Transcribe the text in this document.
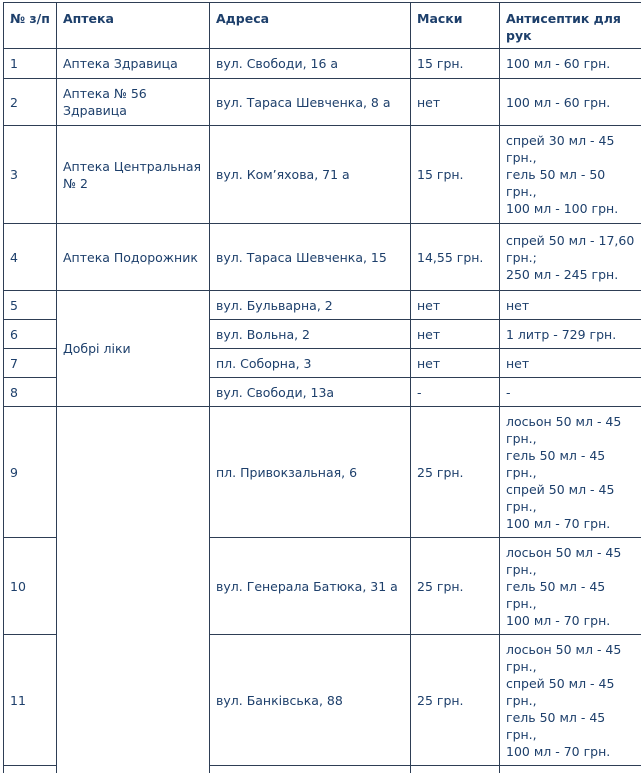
№ з/п	Аптека	Адреса	Маски	Антисептик для рук
1	Аптека Здравица	вул. Свободи, 16 а	15 грн.	100 мл - 60 грн.

2	Аптека № 56 Здравица	вул. Тараса Шевченка, 8 а	нет	100 мл - 60 грн.

3	Аптека Центральная № 2	вул. Ком’яхова, 71 а	15 грн.	спрей 30 мл - 45 грн.,
гель 50 мл - 50 грн.,
100 мл - 100 грн.

4	Аптека Подорожник	вул. Тараса Шевченка, 15	14,55 грн.	спрей 50 мл - 17,60 грн.;
250 мл - 245 грн.

5	Добрі ліки	вул. Бульварна, 2	нет	нет

6		вул. Вольна, 2	нет	1 литр - 729 грн.

7		пл. Соборна, 3	нет	нет

8		вул. Свободи, 13а	-	-

9		пл. Привокзальная, 6	25 грн.	лосьон 50 мл - 45 грн.,
гель 50 мл - 45 грн.,
спрей 50 мл - 45 грн.,
100 мл - 70 грн.

10		вул. Генерала Батюка, 31 а	25 грн.	лосьон 50 мл - 45 грн.,
гель 50 мл - 45 грн.,
100 мл - 70 грн.

11		вул. Банківська, 88	25 грн.	лосьон 50 мл - 45 грн.,
спрей 50 мл - 45 грн.,
гель 50 мл - 45 грн.,
100 мл - 70 грн.
